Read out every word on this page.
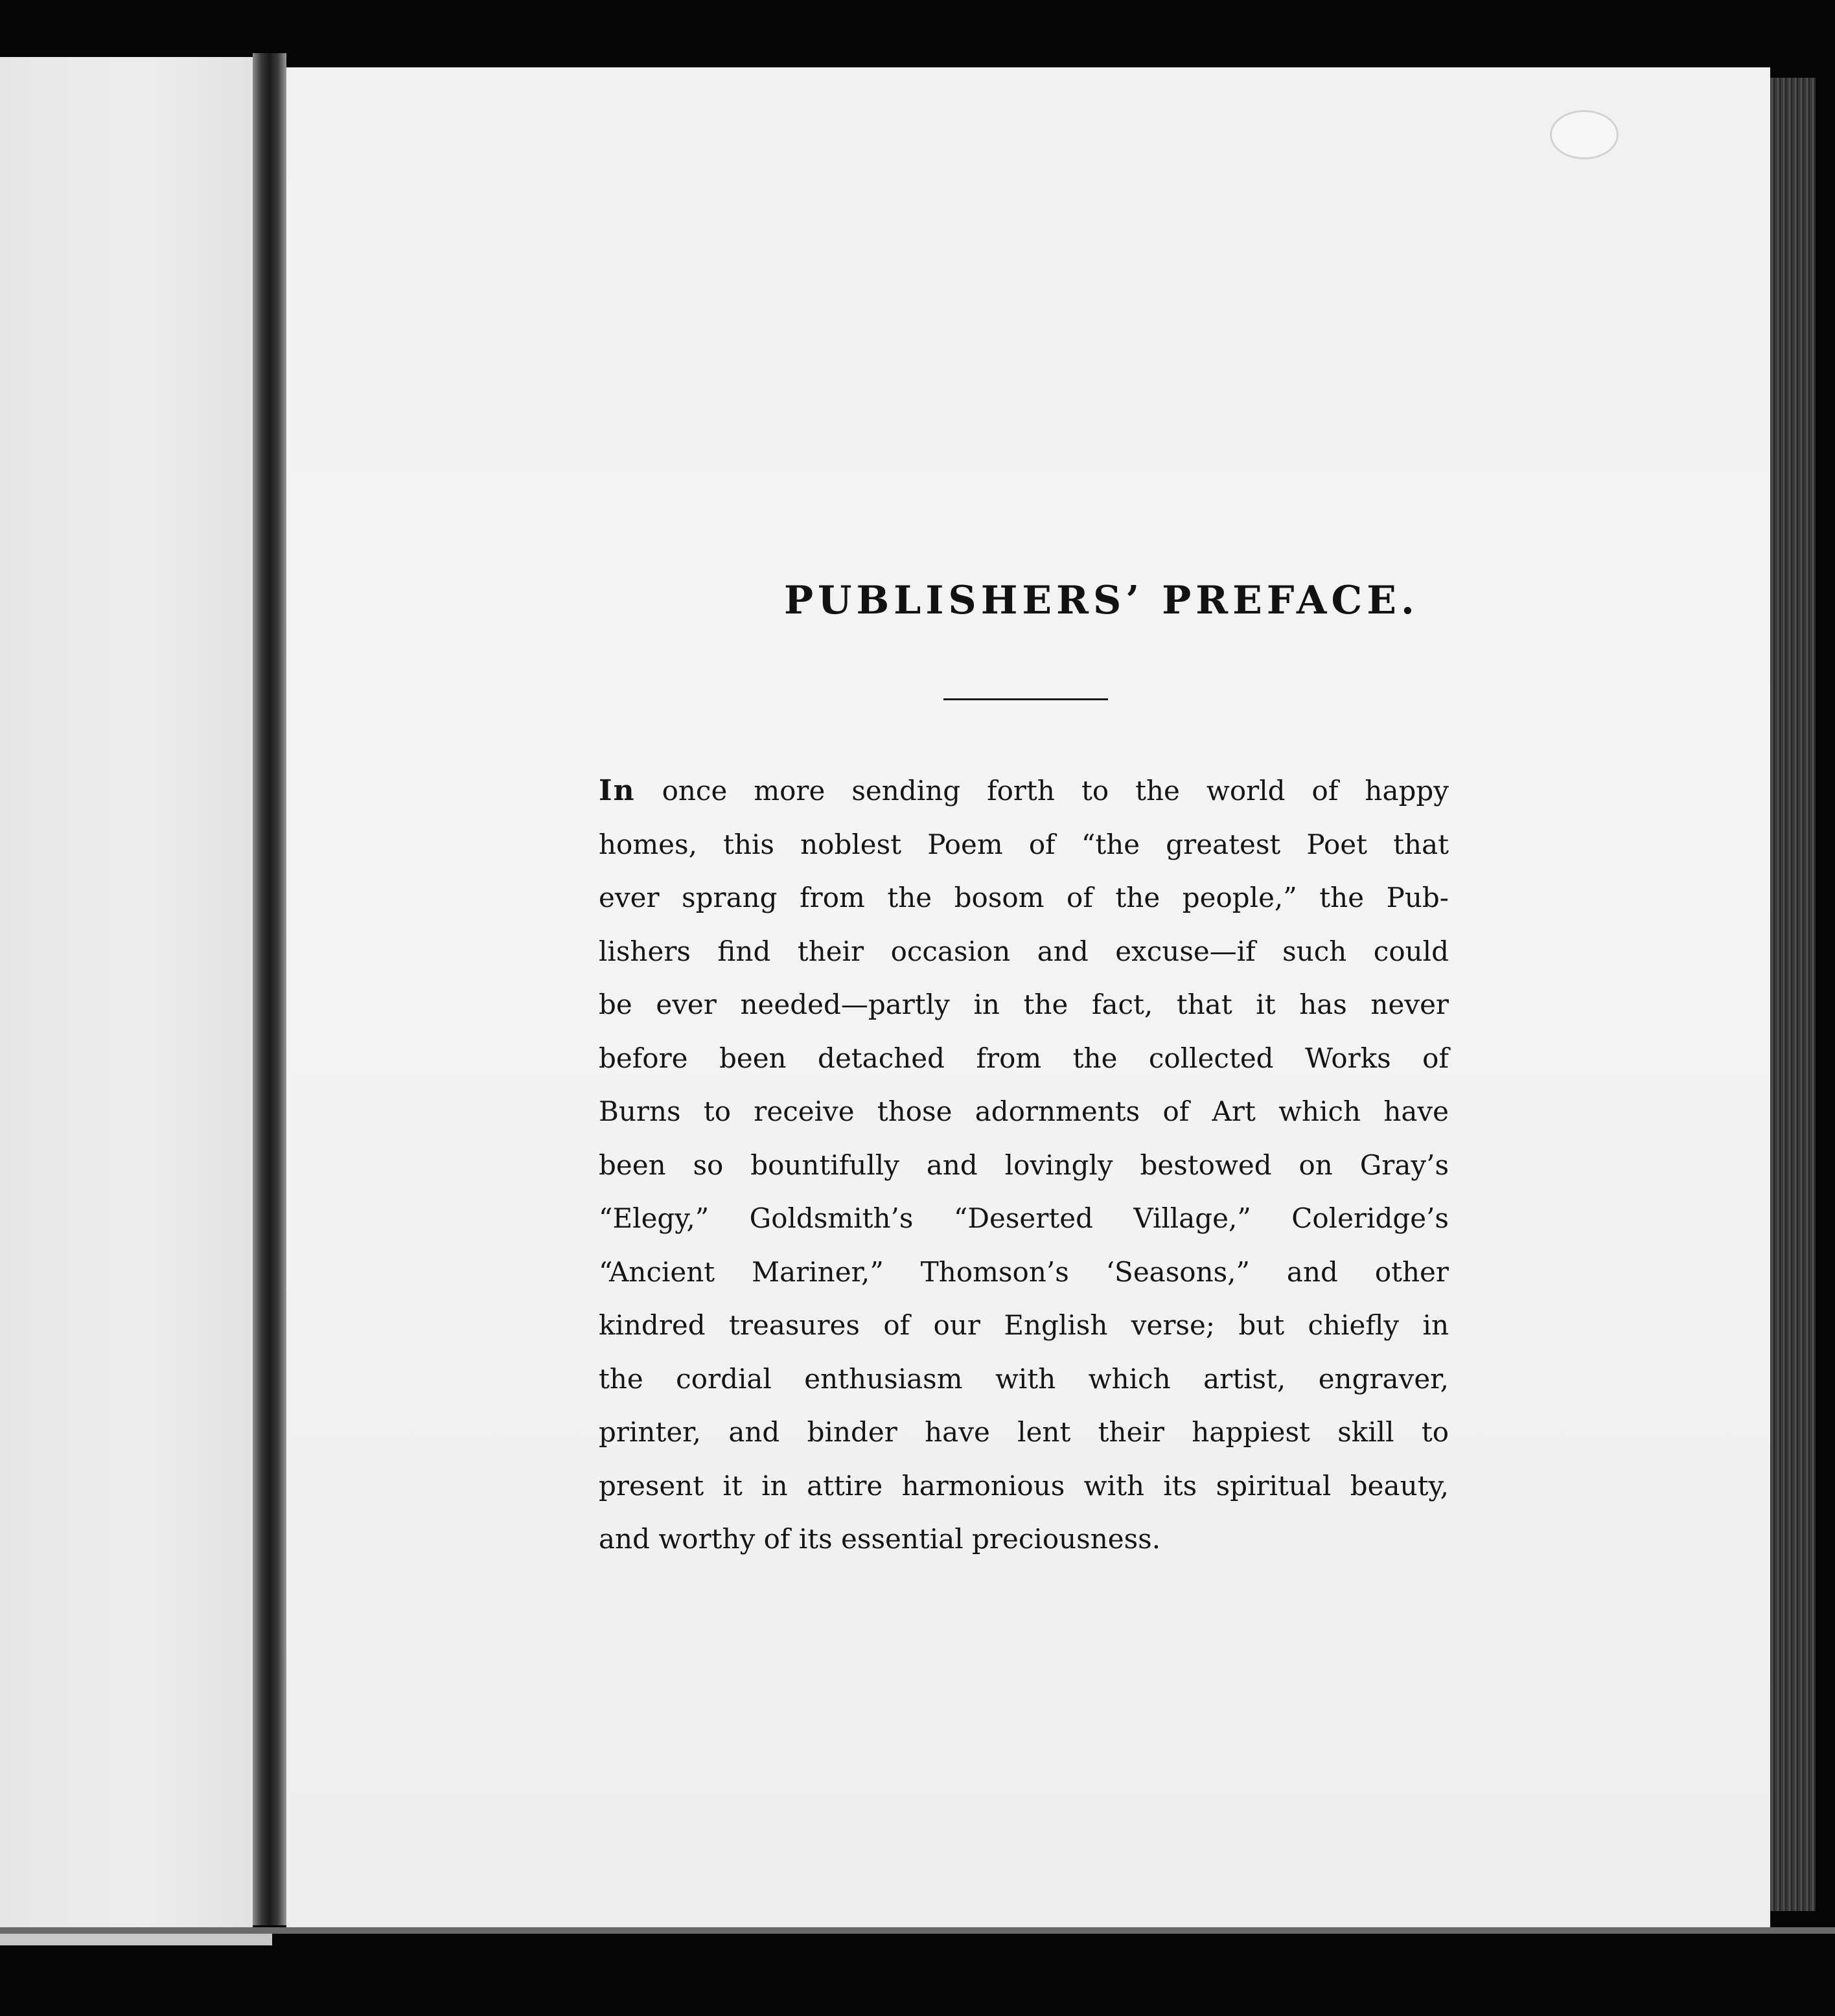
PUBLISHERS’ PREFACE.
In once more sending forth to the world of happy
homes, this noblest Poem of “the greatest Poet that
ever sprang from the bosom of the people,” the Pub-
lishers find their occasion and excuse—if such could
be ever needed—partly in the fact, that it has never
before been detached from the collected Works of
Burns to receive those adornments of Art which have
been so bountifully and lovingly bestowed on Gray’s
“Elegy,” Goldsmith’s “Deserted Village,” Coleridge’s
“Ancient Mariner,” Thomson’s ‘Seasons,” and other
kindred treasures of our English verse; but chiefly in
the cordial enthusiasm with which artist, engraver,
printer, and binder have lent their happiest skill to
present it in attire harmonious with its spiritual beauty,
and worthy of its essential preciousness.
